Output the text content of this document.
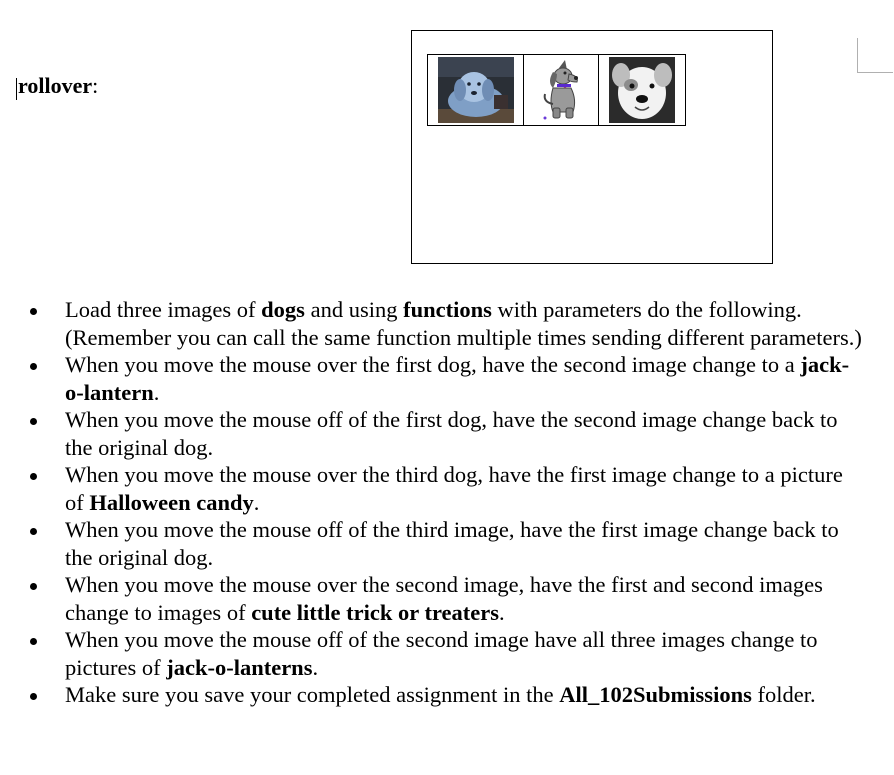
rollover:
Load three images of dogs and using functions with parameters do the following. (Remember you can call the same function multiple times sending different parameters.)
When you move the mouse over the first dog, have the second image change to a jack-o-lantern.
When you move the mouse off of the first dog, have the second image change back to the original dog.
When you move the mouse over the third dog, have the first image change to a picture of Halloween candy.
When you move the mouse off of the third image, have the first image change back to the original dog.
When you move the mouse over the second image, have the first and second images change to images of cute little trick or treaters.
When you move the mouse off of the second image have all three images change to pictures of jack-o-lanterns.
Make sure you save your completed assignment in the All_102Submissions folder.
